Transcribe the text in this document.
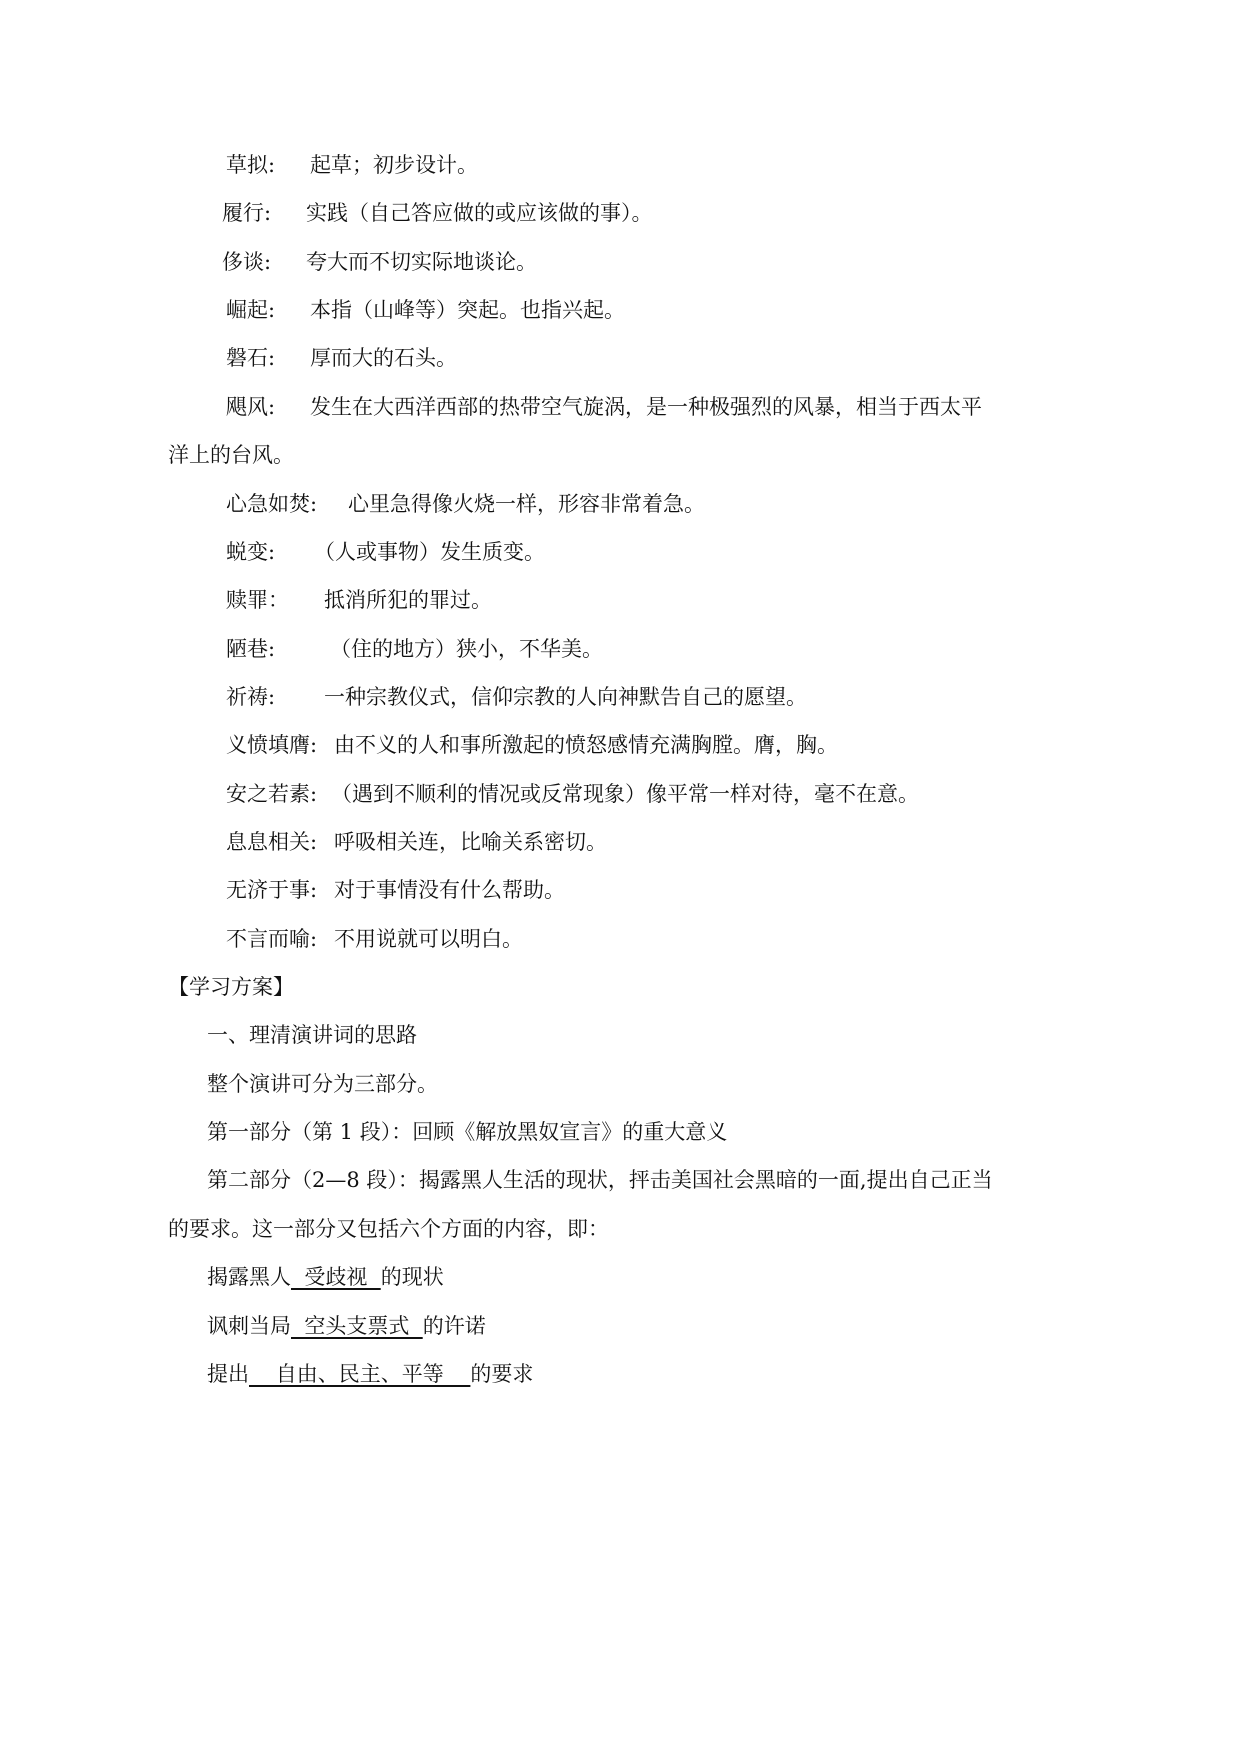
草拟: 起草；初步设计。
履行: 实践（自己答应做的或应该做的事）。
侈谈: 夸大而不切实际地谈论。
崛起: 本指（山峰等）突起。也指兴起。
磐石: 厚而大的石头。
飓风: 发生在大西洋西部的热带空气旋涡，是一种极强烈的风暴，相当于西太平
洋上的台风。
心急如焚: 心里急得像火烧一样，形容非常着急。
蜕变: （人或事物）发生质变。
赎罪： 抵消所犯的罪过。
陋巷:	（住的地方）狭小，不华美。
祈祷: 一种宗教仪式，信仰宗教的人向神默告自己的愿望。
义愤填膺: 由不义的人和事所激起的愤怒感情充满胸膛。膺，胸。
安之若素: （遇到不顺利的情况或反常现象）像平常一样对待，毫不在意。
息息相关: 呼吸相关连，比喻关系密切。
无济于事: 对于事情没有什么帮助。
不言而喻: 不用说就可以明白。
【学习方案】
一、理清演讲词的思路
整个演讲可分为三部分。
第一部分（第 1 段）：回顾《解放黑奴宣言》的重大意义
第二部分（2—8 段）：揭露黑人生活的现状，抨击美国社会黑暗的一面,提出自己正当
的要求。这一部分又包括六个方面的内容，即：
揭露黑人  受歧视  的现状
讽刺当局  空头支票式  的许诺
提出    自由、民主、平等    的要求
